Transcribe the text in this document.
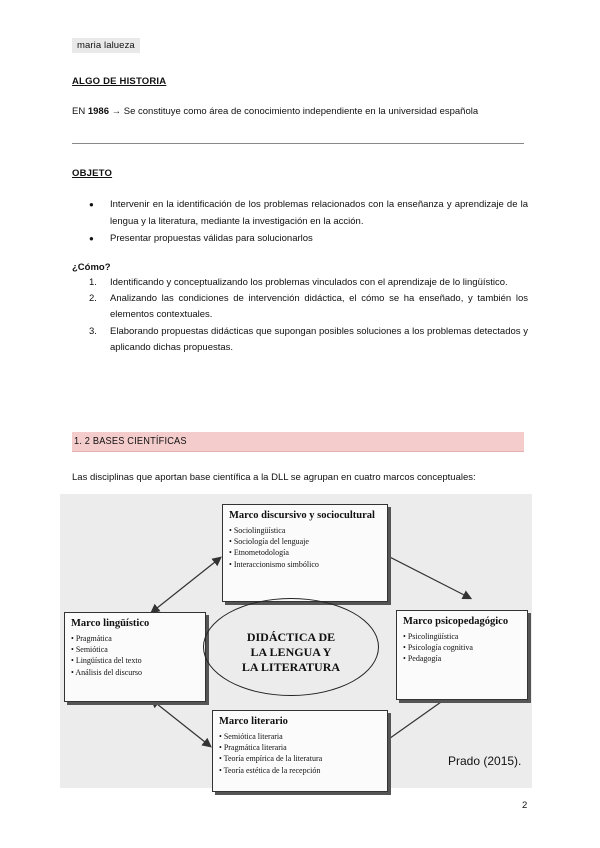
maria lalueza
ALGO DE HISTORIA
EN 1986 → Se constituye como área de conocimiento independiente en la universidad española
OBJETO
● Intervenir en la identificación de los problemas relacionados con la enseñanza y aprendizaje de la lengua y la literatura, mediante la investigación en la acción.
● Presentar propuestas válidas para solucionarlos
¿Cómo?
1. Identificando y conceptualizando los problemas vinculados con el aprendizaje de lo lingüístico.
2. Analizando las condiciones de intervención didáctica, el cómo se ha enseñado, y también los elementos contextuales.
3. Elaborando propuestas didácticas que supongan posibles soluciones a los problemas detectados y aplicando dichas propuestas.
1. 2 BASES CIENTÍFICAS
Las disciplinas que aportan base científica a la DLL se agrupan en cuatro marcos conceptuales:
Marco discursivo y sociocultural
• Sociolingüística
• Sociología del lenguaje
• Etnometodología
• Interaccionismo simbólico
Marco lingüístico
• Pragmática
• Semiótica
• Lingüística del texto
• Análisis del discurso
DIDÁCTICA DE
LA LENGUA Y
LA LITERATURA
Marco psicopedagógico
• Psicolingüística
• Psicología cognitiva
• Pedagogía
Marco literario
• Semiótica literaria
• Pragmática literaria
• Teoría empírica de la literatura
• Teoría estética de la recepción
Prado (2015).
2
